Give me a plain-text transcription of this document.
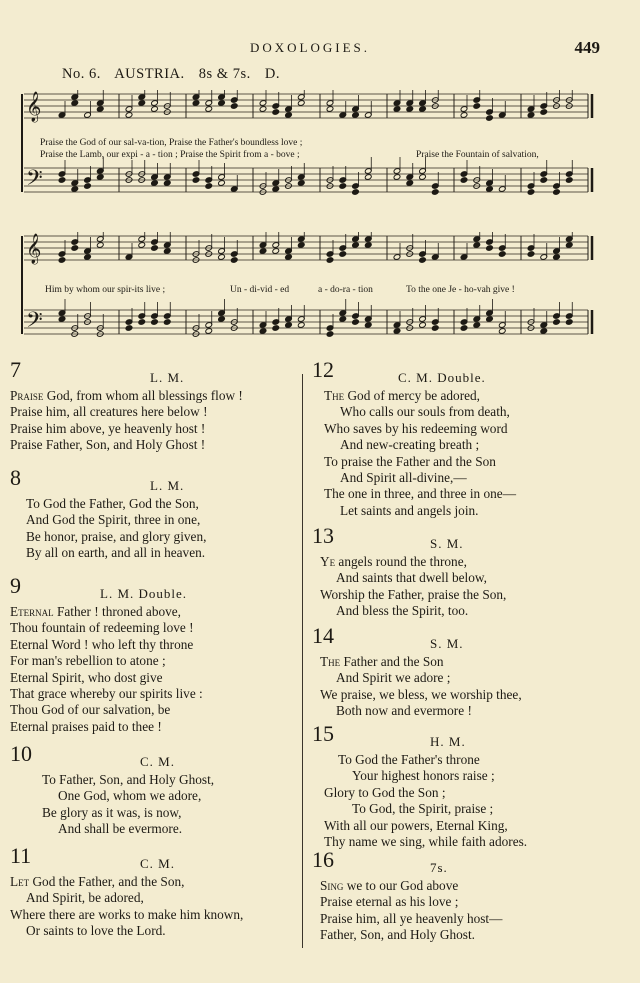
DOXOLOGIES.	449
No. 6. AUSTRIA. 8s & 7s. D.
𝄞
𝄢
Praise the God of our sal-va-tion, Praise the Father's boundless love ;
Praise the Lamb, our expi - a - tion ; Praise the Spirit from a - bove ;	Praise the Fountain of salvation,
𝄞
𝄢
Him by whom our spir-its live ;	Un - di-vid - ed	a - do-ra - tion	To the one Je - ho-vah give !
7	L. M.
Praise God, from whom all blessings flow !
Praise him, all creatures here below !
Praise him above, ye heavenly host !
Praise Father, Son, and Holy Ghost !
8	L. M.
To God the Father, God the Son,
And God the Spirit, three in one,
Be honor, praise, and glory given,
By all on earth, and all in heaven.
9	L. M. Double.
Eternal Father ! throned above,
Thou fountain of redeeming love !
Eternal Word ! who left thy throne
For man's rebellion to atone ;
Eternal Spirit, who dost give
That grace whereby our spirits live :
Thou God of our salvation, be
Eternal praises paid to thee !
10	C. M.
To Father, Son, and Holy Ghost,
One God, whom we adore,
Be glory as it was, is now,
And shall be evermore.
11	C. M.
Let God the Father, and the Son,
And Spirit, be adored,
Where there are works to make him known,
Or saints to love the Lord.
12	C. M. Double.
The God of mercy be adored,
Who calls our souls from death,
Who saves by his redeeming word
And new-creating breath ;
To praise the Father and the Son
And Spirit all-divine,—
The one in three, and three in one—
Let saints and angels join.
13	S. M.
Ye angels round the throne,
And saints that dwell below,
Worship the Father, praise the Son,
And bless the Spirit, too.
14	S. M.
The Father and the Son
And Spirit we adore ;
We praise, we bless, we worship thee,
Both now and evermore !
15	H. M.
To God the Father's throne
Your highest honors raise ;
Glory to God the Son ;
To God, the Spirit, praise ;
With all our powers, Eternal King,
Thy name we sing, while faith adores.
16	7s.
Sing we to our God above
Praise eternal as his love ;
Praise him, all ye heavenly host—
Father, Son, and Holy Ghost.
